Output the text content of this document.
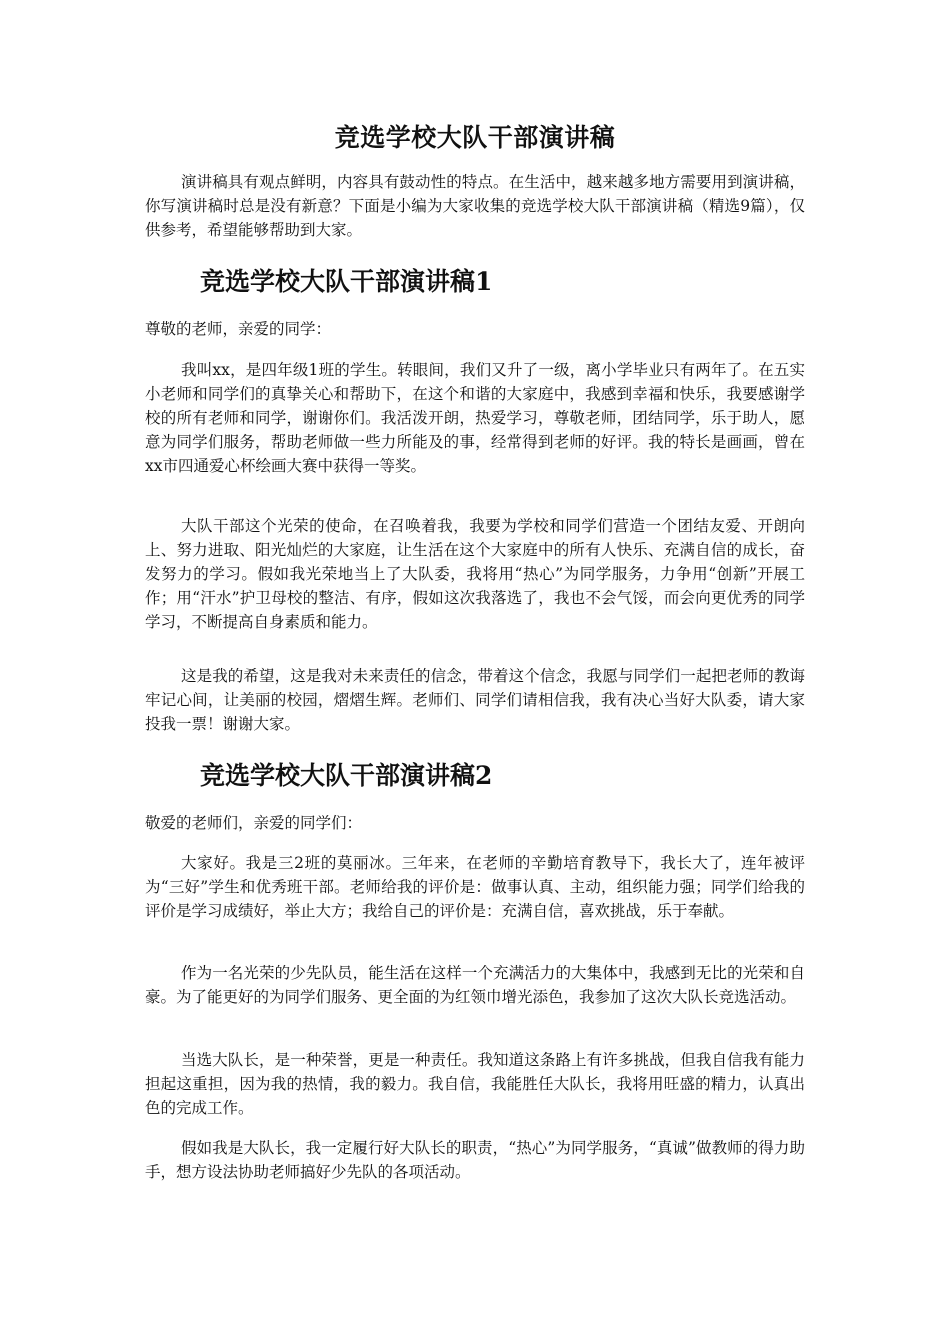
竞选学校大队干部演讲稿

演讲稿具有观点鲜明，内容具有鼓动性的特点。在生活中，越来越多地方需要用到演讲稿，你写演讲稿时总是没有新意？下面是小编为大家收集的竞选学校大队干部演讲稿（精选9篇），仅供参考，希望能够帮助到大家。

竞选学校大队干部演讲稿1

尊敬的老师，亲爱的同学：

我叫xx，是四年级1班的学生。转眼间，我们又升了一级，离小学毕业只有两年了。在五实小老师和同学们的真挚关心和帮助下，在这个和谐的大家庭中，我感到幸福和快乐，我要感谢学校的所有老师和同学，谢谢你们。我活泼开朗，热爱学习，尊敬老师，团结同学，乐于助人，愿意为同学们服务，帮助老师做一些力所能及的事，经常得到老师的好评。我的特长是画画，曾在xx市四通爱心杯绘画大赛中获得一等奖。

大队干部这个光荣的使命，在召唤着我，我要为学校和同学们营造一个团结友爱、开朗向上、努力进取、阳光灿烂的大家庭，让生活在这个大家庭中的所有人快乐、充满自信的成长，奋发努力的学习。假如我光荣地当上了大队委，我将用“热心”为同学服务，力争用“创新”开展工作；用“汗水”护卫母校的整洁、有序，假如这次我落选了，我也不会气馁，而会向更优秀的同学学习，不断提高自身素质和能力。

这是我的希望，这是我对未来责任的信念，带着这个信念，我愿与同学们一起把老师的教诲牢记心间，让美丽的校园，熠熠生辉。老师们、同学们请相信我，我有决心当好大队委，请大家投我一票！谢谢大家。

竞选学校大队干部演讲稿2

敬爱的老师们，亲爱的同学们：

大家好。我是三2班的莫丽冰。三年来，在老师的辛勤培育教导下，我长大了，连年被评为“三好”学生和优秀班干部。老师给我的评价是：做事认真、主动，组织能力强；同学们给我的评价是学习成绩好，举止大方；我给自己的评价是：充满自信，喜欢挑战，乐于奉献。

作为一名光荣的少先队员，能生活在这样一个充满活力的大集体中，我感到无比的光荣和自豪。为了能更好的为同学们服务、更全面的为红领巾增光添色，我参加了这次大队长竞选活动。

当选大队长，是一种荣誉，更是一种责任。我知道这条路上有许多挑战，但我自信我有能力担起这重担，因为我的热情，我的毅力。我自信，我能胜任大队长，我将用旺盛的精力，认真出色的完成工作。

假如我是大队长，我一定履行好大队长的职责，“热心”为同学服务，“真诚”做教师的得力助手，想方设法协助老师搞好少先队的各项活动。
